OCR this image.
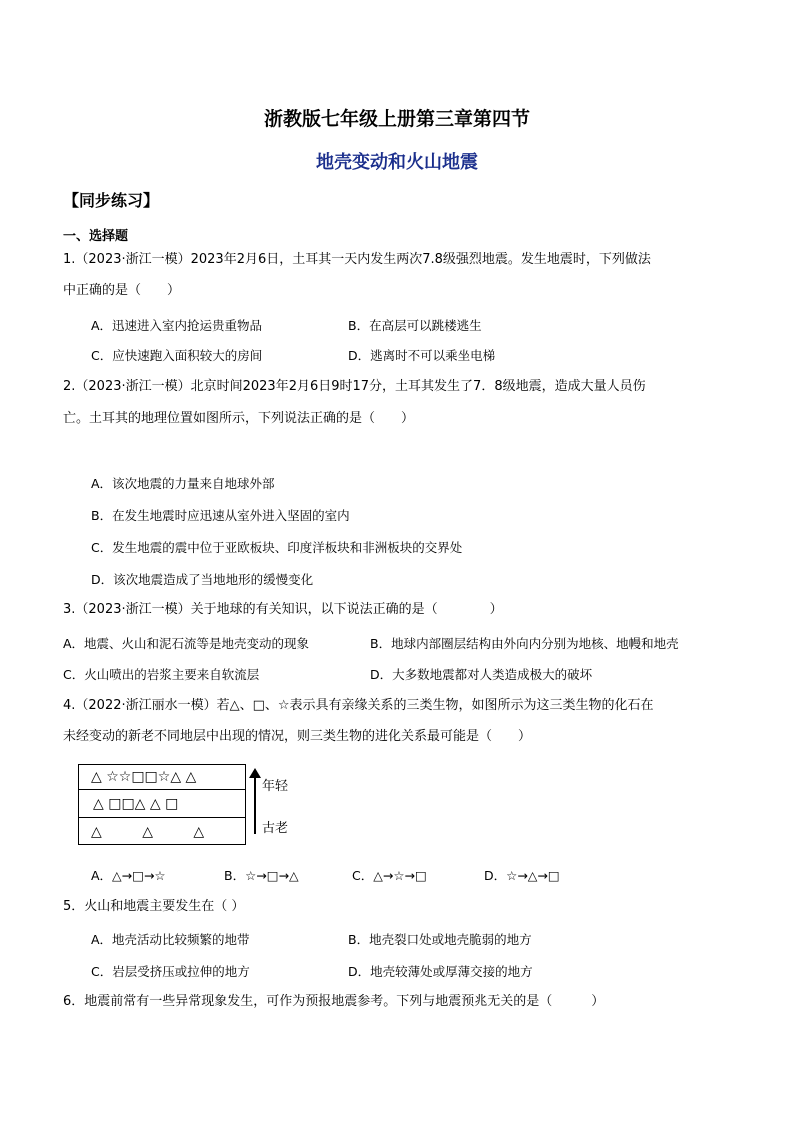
浙教版七年级上册第三章第四节
地壳变动和火山地震
【同步练习】
一、选择题
1.（2023·浙江一模）2023年2月6日，土耳其一天内发生两次7.8级强烈地震。发生地震时，下列做法
中正确的是（　　）
A．迅速进入室内抢运贵重物品	B．在高层可以跳楼逃生
C．应快速跑入面积较大的房间	D．逃离时不可以乘坐电梯
2.（2023·浙江一模）北京时间2023年2月6日9时17分，土耳其发生了7．8级地震，造成大量人员伤
亡。土耳其的地理位置如图所示，下列说法正确的是（　　）
A．该次地震的力量来自地球外部
B．在发生地震时应迅速从室外进入坚固的室内
C．发生地震的震中位于亚欧板块、印度洋板块和非洲板块的交界处
D．该次地震造成了当地地形的缓慢变化
3.（2023·浙江一模）关于地球的有关知识，以下说法正确的是（　　　　）
A．地震、火山和泥石流等是地壳变动的现象	B．地球内部圈层结构由外向内分别为地核、地幔和地壳
C．火山喷出的岩浆主要来自软流层	D．大多数地震都对人类造成极大的破坏
4.（2022·浙江丽水一模）若△、□、☆表示具有亲缘关系的三类生物，如图所示为这三类生物的化石在
未经变动的新老不同地层中出现的情况，则三类生物的进化关系最可能是（　　）
△ ☆☆□□☆△ △
△ □□△ △ □
△ △ △
年轻
古老
A．△→□→☆	B．☆→□→△	C．△→☆→□	D．☆→△→□
5．火山和地震主要发生在（ ）
A．地壳活动比较频繁的地带	B．地壳裂口处或地壳脆弱的地方
C．岩层受挤压或拉伸的地方	D．地壳较薄处或厚薄交接的地方
6．地震前常有一些异常现象发生，可作为预报地震参考。下列与地震预兆无关的是（　　　）
